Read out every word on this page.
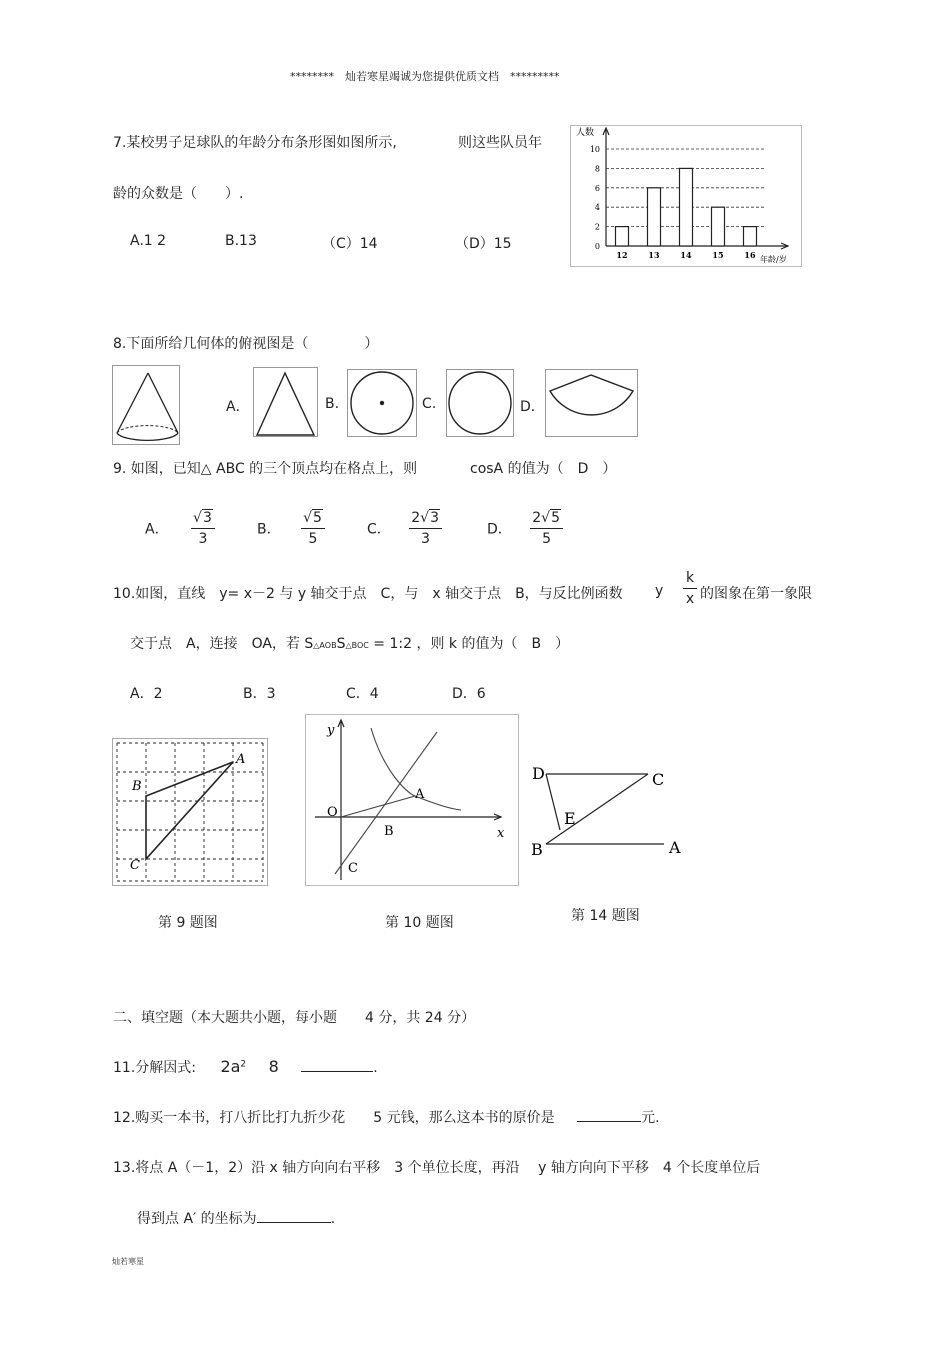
********　灿若寒星竭诚为您提供优质文档　*********
7.某校男子足球队的年龄分布条形图如图所示,	则这些队员年
龄的众数是（　　）.
A.1 2	B.13	（C）14	（D）15	0
2
4
6
8
10
12	13	14	15	16
人数
年龄/岁
8.下面所给几何体的俯视图是（　　　　）
A．	B.	C.	D．
9. 如图，已知△ ABC 的三个顶点均在格点上，则	cosA 的值为（　D　）
A． $\frac{√3}{3}$	B． $\frac{√5}{5}$	C． $\frac{2√3}{3}$	D． $\frac{2√5}{5}$
10.如图，直线　y= x－2 与 y 轴交于点　C，与　x 轴交于点　B，与反比例函数 y $\frac{k}{x}$ 的图象在第一象限
交于点　A，连接　OA，若 S△AOBS△BOC = 1:2 ，则 k 的值为（　B　）
A．2	B．3	C．4	D．6
A
B
C
y
O
A
B
C
x
D	C
E
B	A
第 9 题图	第 10 题图	第 14 题图
二、填空题（本大题共小题，每小题　　4 分，共 24 分）
11.分解因式: $2a^2$ 8	.
12.购买一本书，打八折比打九折少花　　5 元钱，那么这本书的原价是	元.
13.将点 A（－1，2）沿 x 轴方向向右平移　3 个单位长度，再沿　 y 轴方向向下平移　4 个长度单位后
得到点 A′ 的坐标为	.
灿若寒星
